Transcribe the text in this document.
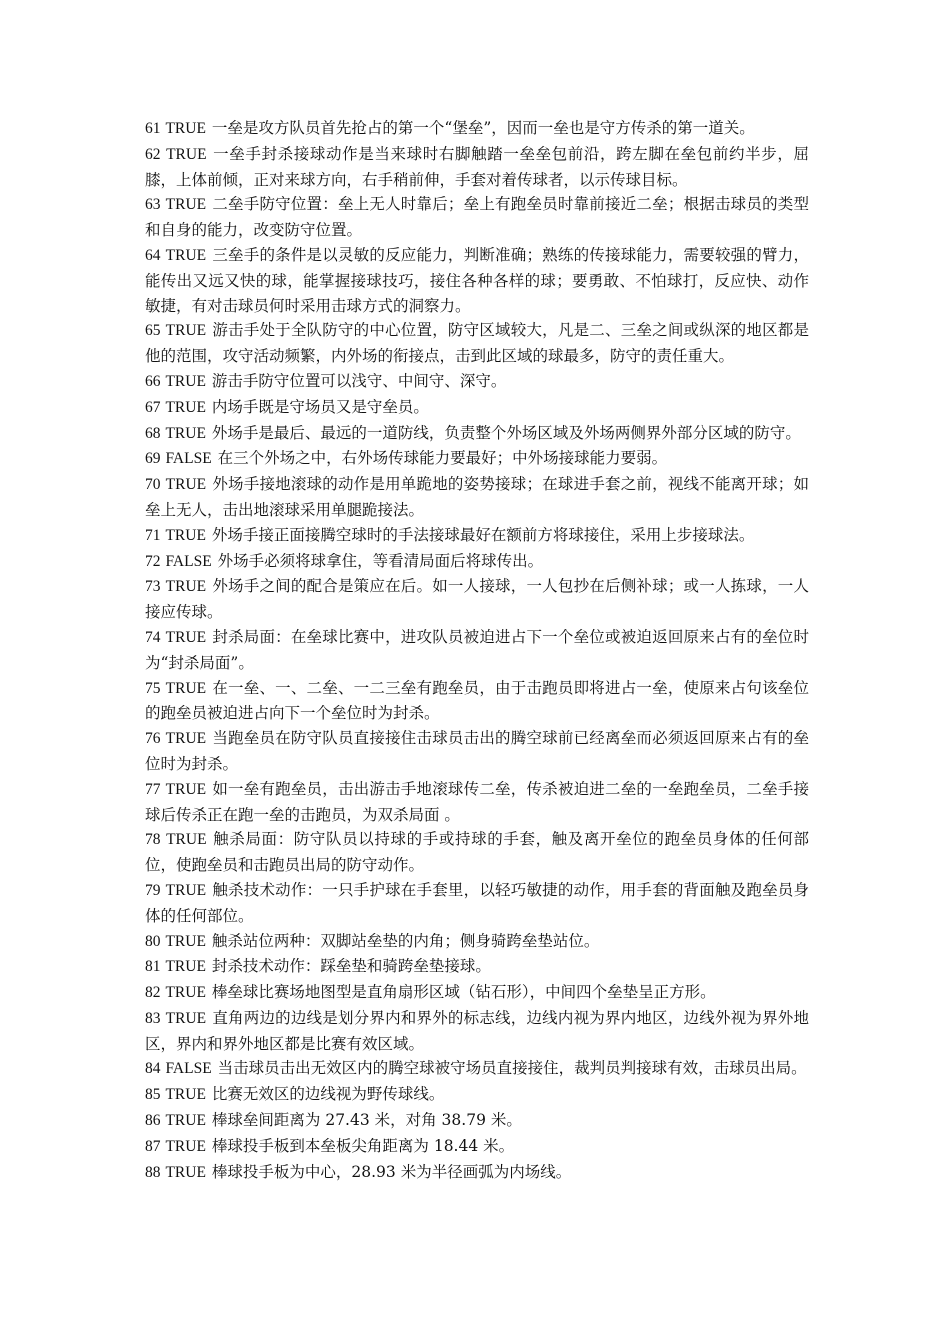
61 TRUE 一垒是攻方队员首先抢占的第一个“堡垒”，因而一垒也是守方传杀的第一道关。

62 TRUE 一垒手封杀接球动作是当来球时右脚触踏一垒垒包前沿，跨左脚在垒包前约半步，屈膝，上体前倾，正对来球方向，右手稍前伸，手套对着传球者，以示传球目标。

63 TRUE 二垒手防守位置：垒上无人时靠后；垒上有跑垒员时靠前接近二垒；根据击球员的类型和自身的能力，改变防守位置。

64 TRUE 三垒手的条件是以灵敏的反应能力，判断准确；熟练的传接球能力，需要较强的臂力，能传出又远又快的球，能掌握接球技巧，接住各种各样的球；要勇敢、不怕球打，反应快、动作敏捷，有对击球员何时采用击球方式的洞察力。

65 TRUE 游击手处于全队防守的中心位置，防守区域较大，凡是二、三垒之间或纵深的地区都是他的范围，攻守活动频繁，内外场的衔接点，击到此区域的球最多，防守的责任重大。

66 TRUE 游击手防守位置可以浅守、中间守、深守。

67 TRUE 内场手既是守场员又是守垒员。

68 TRUE 外场手是最后、最远的一道防线，负责整个外场区域及外场两侧界外部分区域的防守。

69 FALSE 在三个外场之中，右外场传球能力要最好；中外场接球能力要弱。

70 TRUE 外场手接地滚球的动作是用单跪地的姿势接球；在球进手套之前，视线不能离开球；如垒上无人，击出地滚球采用单腿跪接法。

71 TRUE 外场手接正面接腾空球时的手法接球最好在额前方将球接住，采用上步接球法。

72 FALSE 外场手必须将球拿住，等看清局面后将球传出。

73 TRUE 外场手之间的配合是策应在后。如一人接球，一人包抄在后侧补球；或一人拣球，一人接应传球。

74 TRUE 封杀局面：在垒球比赛中，进攻队员被迫进占下一个垒位或被迫返回原来占有的垒位时为“封杀局面”。

75 TRUE 在一垒、一、二垒、一二三垒有跑垒员，由于击跑员即将进占一垒，使原来占句该垒位的跑垒员被迫进占向下一个垒位时为封杀。

76 TRUE 当跑垒员在防守队员直接接住击球员击出的腾空球前已经离垒而必须返回原来占有的垒位时为封杀。

77 TRUE 如一垒有跑垒员，击出游击手地滚球传二垒，传杀被迫进二垒的一垒跑垒员，二垒手接球后传杀正在跑一垒的击跑员，为双杀局面 。

78 TRUE 触杀局面：防守队员以持球的手或持球的手套，触及离开垒位的跑垒员身体的任何部位，使跑垒员和击跑员出局的防守动作。

79 TRUE 触杀技术动作：一只手护球在手套里，以轻巧敏捷的动作，用手套的背面触及跑垒员身体的任何部位。

80 TRUE 触杀站位两种：双脚站垒垫的内角；侧身骑跨垒垫站位。

81 TRUE 封杀技术动作：踩垒垫和骑跨垒垫接球。

82 TRUE 棒垒球比赛场地图型是直角扇形区域（钻石形），中间四个垒垫呈正方形。

83 TRUE 直角两边的边线是划分界内和界外的标志线，边线内视为界内地区，边线外视为界外地区，界内和界外地区都是比赛有效区域。

84 FALSE 当击球员击出无效区内的腾空球被守场员直接接住，裁判员判接球有效，击球员出局。

85 TRUE 比赛无效区的边线视为野传球线。

86 TRUE 棒球垒间距离为 27.43 米，对角 38.79 米。

87 TRUE 棒球投手板到本垒板尖角距离为 18.44 米。

88 TRUE 棒球投手板为中心，28.93 米为半径画弧为内场线。
